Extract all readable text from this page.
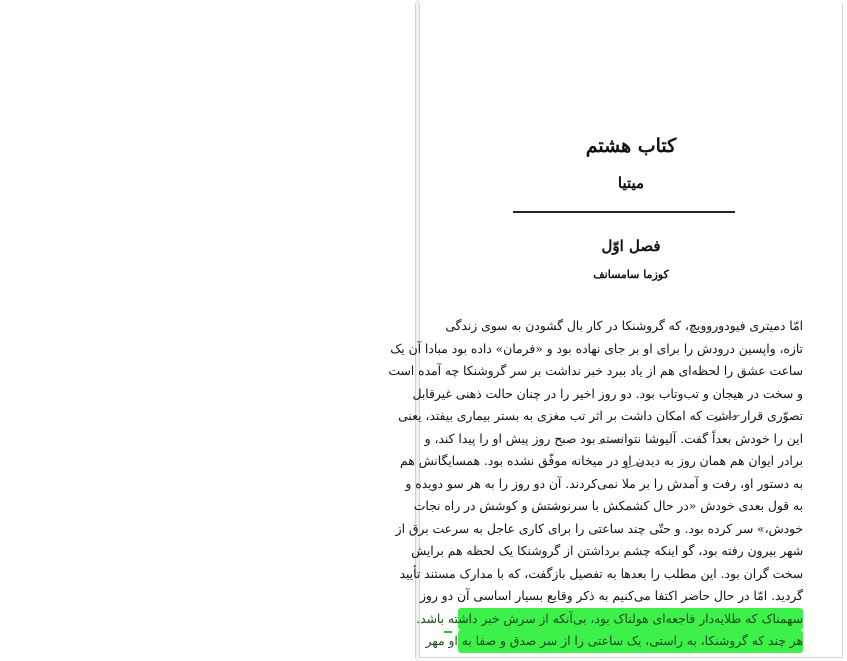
کتاب هشتم
میتیا
فصل اوّل
کوزما سامسانف
امّا دمیتری فیودوروویچ، که گروشنکا در کار بال گشودن به سوی زندگی
تازه، واپسین درودش را برای او بر جای نهاده بود و «فرمان» داده بود مبادا آن یک
ساعت عشق را لحظه‌ای هم از یاد ببرد خبر نداشت بر سر گروشنکا چه آمده است
و سخت در هیجان و تب‌وتاب بود. دو روز اخیر را در چنان حالت ذهنی غیرقابل
تصوّری قرار داشت که امکان داشت بر اثر تب مغزی به بستر بیماری بیفتد، یعنی
این را خودش بعداً گفت. آلیوشا نتوانسته بود صبح روز پیش او را پیدا کند، و
برادر ایوان هم همان روز به دیدن او در میخانه موفّق نشده بود. همسایگانش هم
به دستور او، رفت و آمدش را بر ملا نمی‌کردند. آن دو روز را به هر سو دویده و
به قول بعدی خودش «در حال کشمکش با سرنوشتش و کوشش در راه نجات
خودش،» سر کرده بود. و حتّی چند ساعتی را برای کاری عاجل به سرعت برق از
شهر بیرون رفته بود، گو اینکه چشم برداشتن از گروشنکا یک لحظه هم برایش
سخت گران بود. این مطلب را بعدها به تفصیل بازگفت، که با مدارک مستند تأیید
گردید. امّا در حال حاضر اکتفا می‌کنیم به ذکر وقایع بسیار اساسی آن دو روز
سهمناک که طلایه‌دار فاجعه‌ای هولناک بود، بی‌آنکه از سرش خبر داشته باشد.
هر چند که گروشنکا، به راستی، یک ساعتی را از سر صدق و صفا به او مهر
